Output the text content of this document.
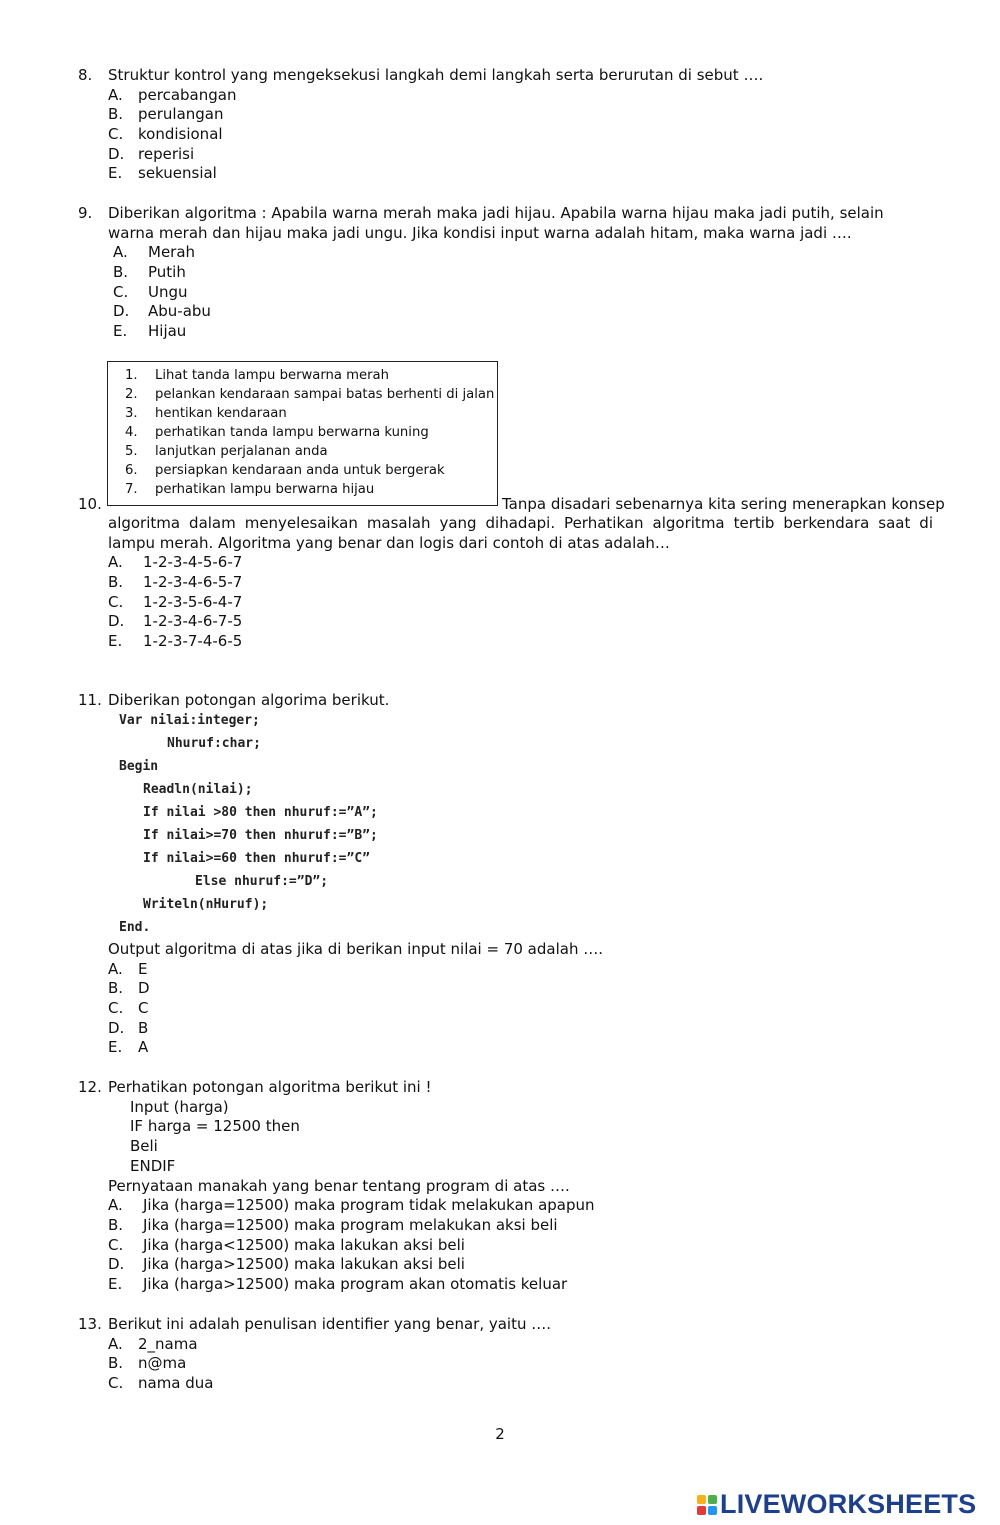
8.	Struktur kontrol yang mengeksekusi langkah demi langkah serta berurutan di sebut ….
A.	percabangan
B. perulangan
C. kondisional
D. reperisi
E.	sekuensial
9.	Diberikan algoritma : Apabila warna merah maka jadi hijau. Apabila warna hijau maka jadi putih, selain warna merah dan hijau maka jadi ungu. Jika kondisi input warna adalah hitam, maka warna jadi ….
A.	Merah
B.	Putih
C.	Ungu
D.	Abu-abu
E.	Hijau
1.	Lihat tanda lampu berwarna merah
2.	pelankan kendaraan sampai batas berhenti di jalan
3.	hentikan kendaraan
4.	perhatikan tanda lampu berwarna kuning
5.	lanjutkan perjalanan anda
6.	persiapkan kendaraan anda untuk bergerak
7.	perhatikan lampu berwarna hijau
10.	Tanpa disadari sebenarnya kita sering menerapkan konsep
algoritma dalam menyelesaikan masalah yang dihadapi. Perhatikan algoritma tertib berkendara saat di lampu merah. Algoritma yang benar dan logis dari contoh di atas adalah…
A.	1-2-3-4-5-6-7
B.	1-2-3-4-6-5-7
C.	1-2-3-5-6-4-7
D.	1-2-3-4-6-7-5
E.	1-2-3-7-4-6-5
11. Diberikan potongan algorima berikut.
Var nilai:integer;
Nhuruf:char;
Begin
Readln(nilai);
If nilai >80 then nhuruf:=”A”;
If nilai>=70 then nhuruf:=”B”;
If nilai>=60 then nhuruf:=”C”
Else nhuruf:=”D”;
Writeln(nHuruf);
End.
Output algoritma di atas jika di berikan input nilai = 70 adalah ….
A.	E
B. D
C. C
D. B
E.	A
12. Perhatikan potongan algoritma berikut ini !
Input (harga)
IF harga = 12500 then
Beli
ENDIF
Pernyataan manakah yang benar tentang program di atas ….
A.	Jika (harga=12500) maka program tidak melakukan apapun
B.	Jika (harga=12500) maka program melakukan aksi beli
C.	Jika (harga<12500) maka lakukan aksi beli
D.	Jika (harga>12500) maka lakukan aksi beli
E.	Jika (harga>12500) maka program akan otomatis keluar
13. Berikut ini adalah penulisan identifier yang benar, yaitu ….
A.	2_nama
B. n@ma
C. nama dua
2
LIVEWORKSHEETS
